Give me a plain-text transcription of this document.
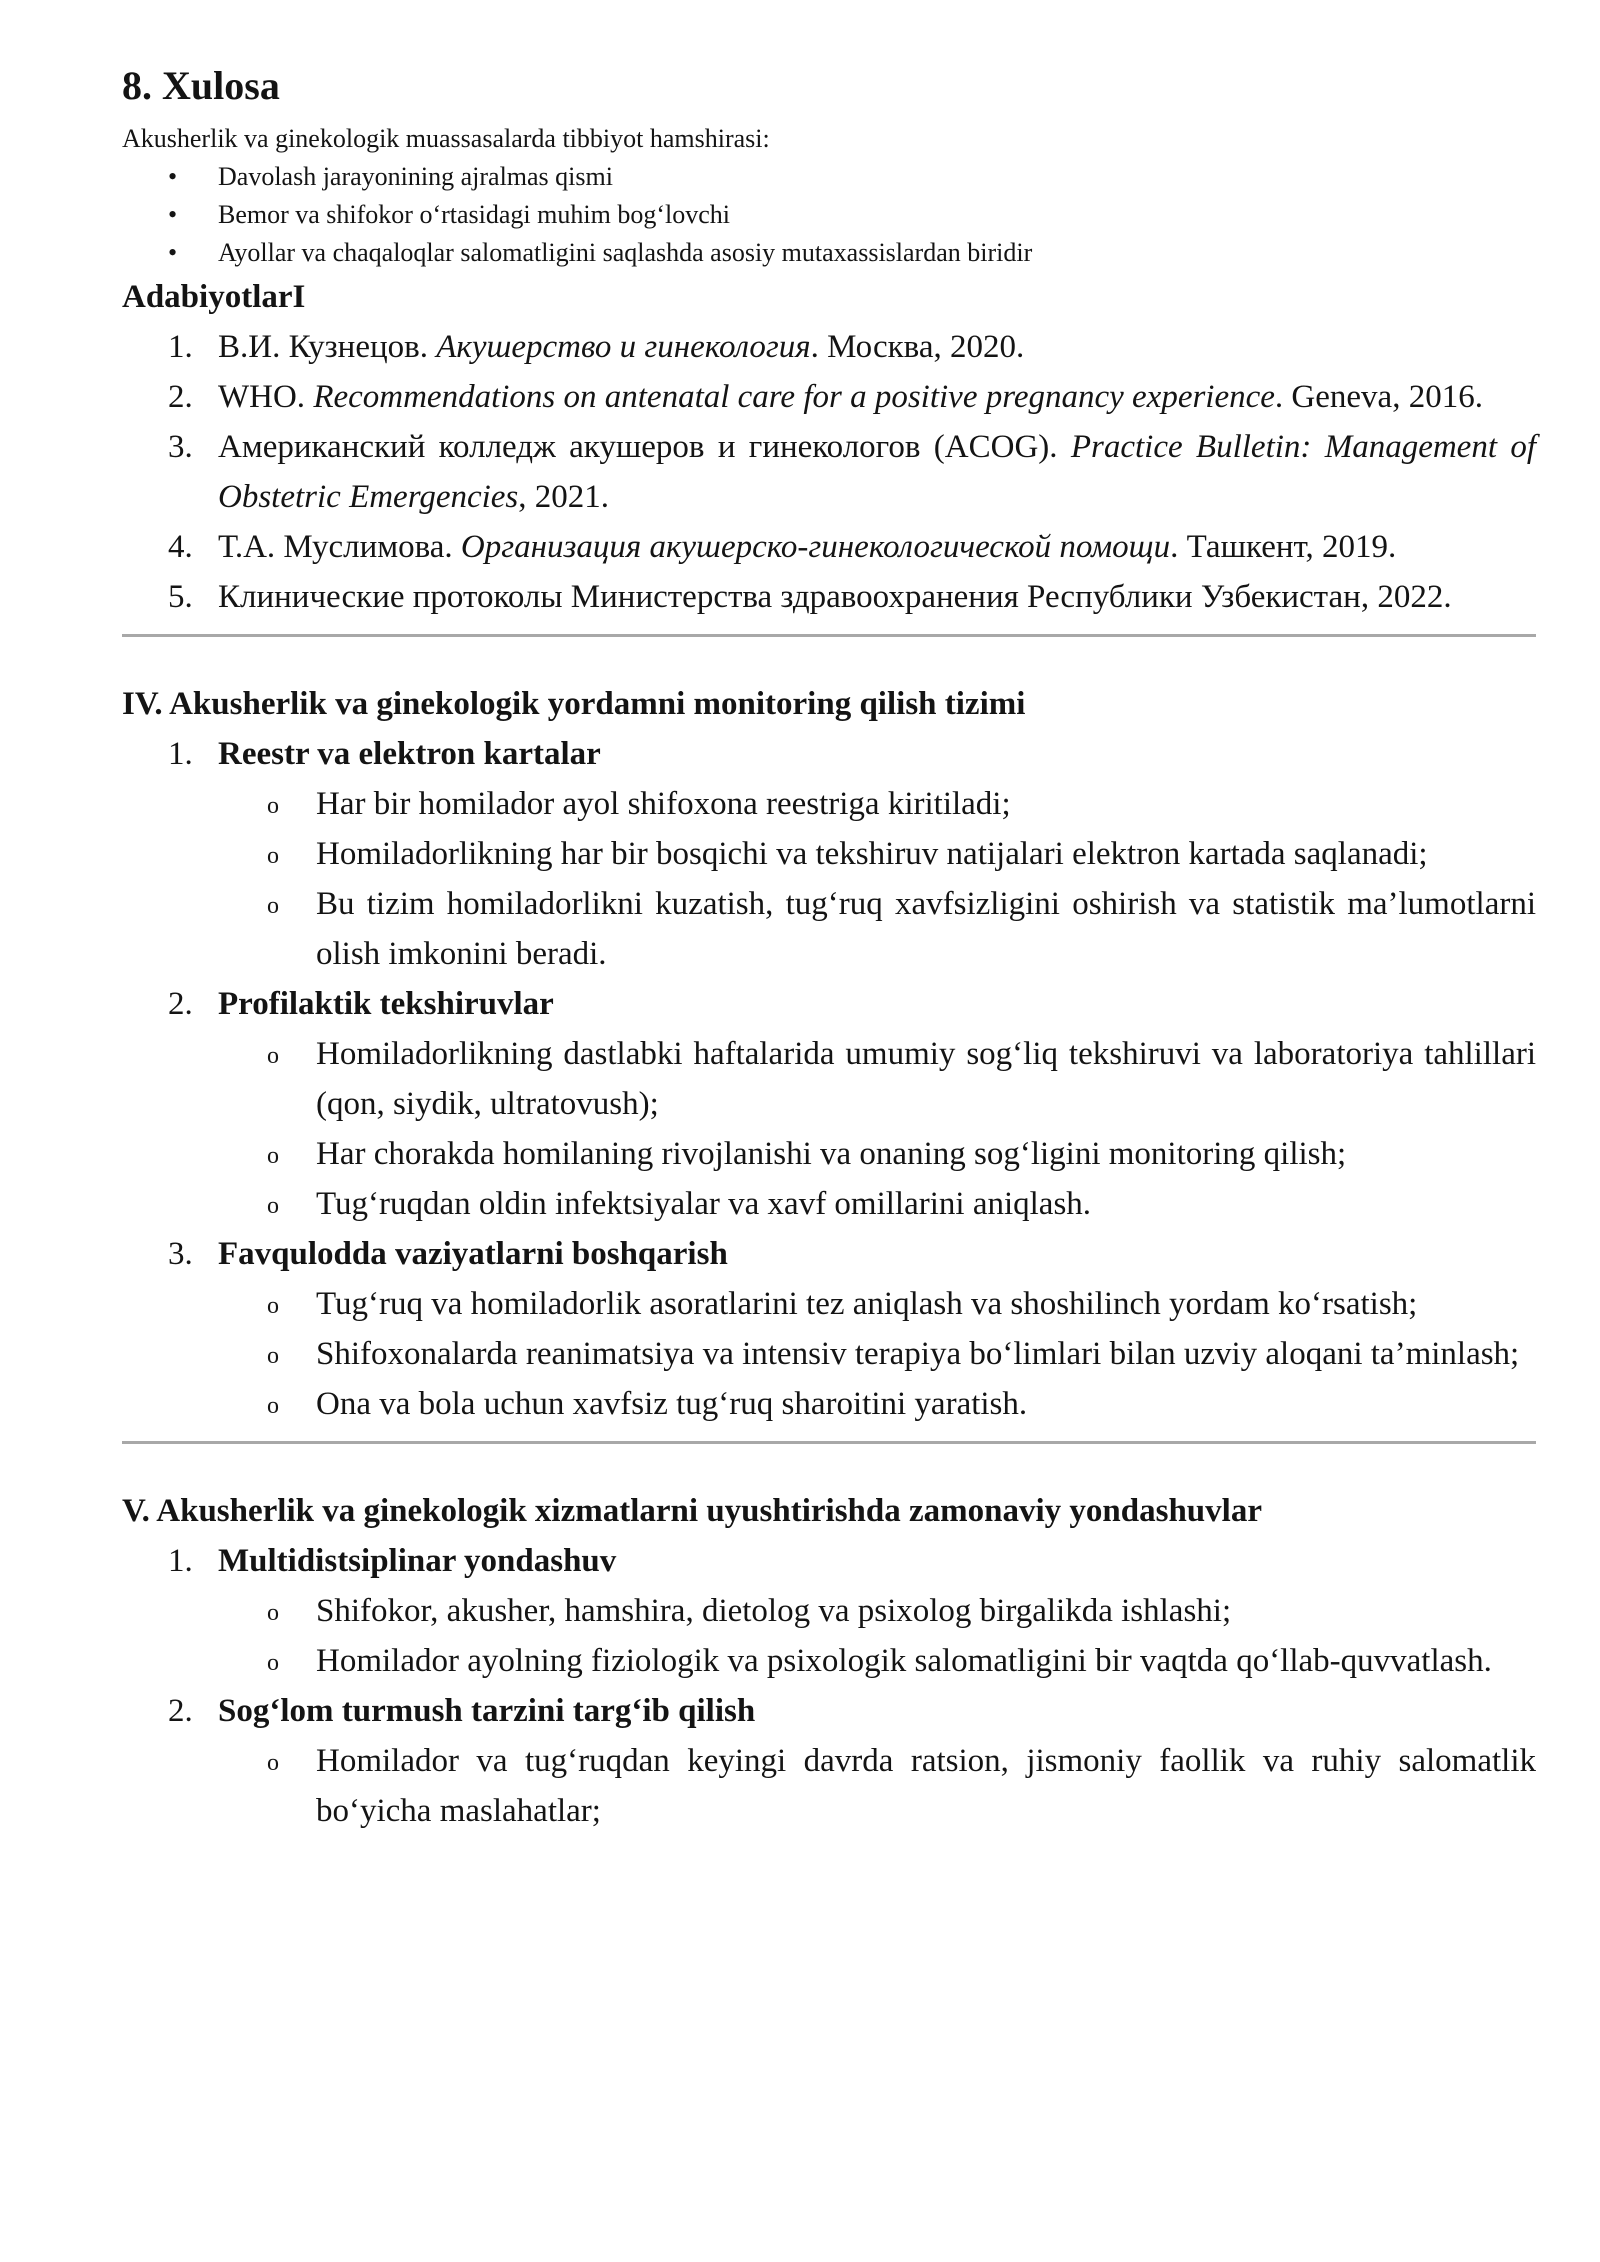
8. Xulosa

Akusherlik va ginekologik muassasalarda tibbiyot hamshirasi:

• Davolash jarayonining ajralmas qismi
• Bemor va shifokor o‘rtasidagi muhim bog‘lovchi
• Ayollar va chaqaloqlar salomatligini saqlashda asosiy mutaxassislardan biridir
AdabiyotlarI
1. В.И. Кузнецов. Акушерство и гинекология. Москва, 2020.
2. WHO. Recommendations on antenatal care for a positive pregnancy experience. Geneva, 2016.
3. Американский колледж акушеров и гинекологов (ACOG). Practice Bulletin: Management of Obstetric Emergencies, 2021.
4. Т.А. Муслимова. Организация акушерско-гинекологической помощи. Ташкент, 2019.
5. Клинические протоколы Министерства здравоохранения Республики Узбекистан, 2022.
IV. Akusherlik va ginekologik yordamni monitoring qilish tizimi
1. Reestr va elektron kartalar
o Har bir homilador ayol shifoxona reestriga kiritiladi;
o Homiladorlikning har bir bosqichi va tekshiruv natijalari elektron kartada saqlanadi;
o Bu tizim homiladorlikni kuzatish, tug‘ruq xavfsizligini oshirish va statistik ma’lumotlarni olish imkonini beradi.
2. Profilaktik tekshiruvlar
o Homiladorlikning dastlabki haftalarida umumiy sog‘liq tekshiruvi va laboratoriya tahlillari (qon, siydik, ultratovush);
o Har chorakda homilaning rivojlanishi va onaning sog‘ligini monitoring qilish;
o Tug‘ruqdan oldin infektsiyalar va xavf omillarini aniqlash.
3. Favqulodda vaziyatlarni boshqarish
o Tug‘ruq va homiladorlik asoratlarini tez aniqlash va shoshilinch yordam ko‘rsatish;
o Shifoxonalarda reanimatsiya va intensiv terapiya bo‘limlari bilan uzviy aloqani ta’minlash;
o Ona va bola uchun xavfsiz tug‘ruq sharoitini yaratish.
V. Akusherlik va ginekologik xizmatlarni uyushtirishda zamonaviy yondashuvlar
1. Multidistsiplinar yondashuv
o Shifokor, akusher, hamshira, dietolog va psixolog birgalikda ishlashi;
o Homilador ayolning fiziologik va psixologik salomatligini bir vaqtda qo‘llab-quvvatlash.
2. Sog‘lom turmush tarzini targ‘ib qilish
o Homilador va tug‘ruqdan keyingi davrda ratsion, jismoniy faollik va ruhiy salomatlik bo‘yicha maslahatlar;
